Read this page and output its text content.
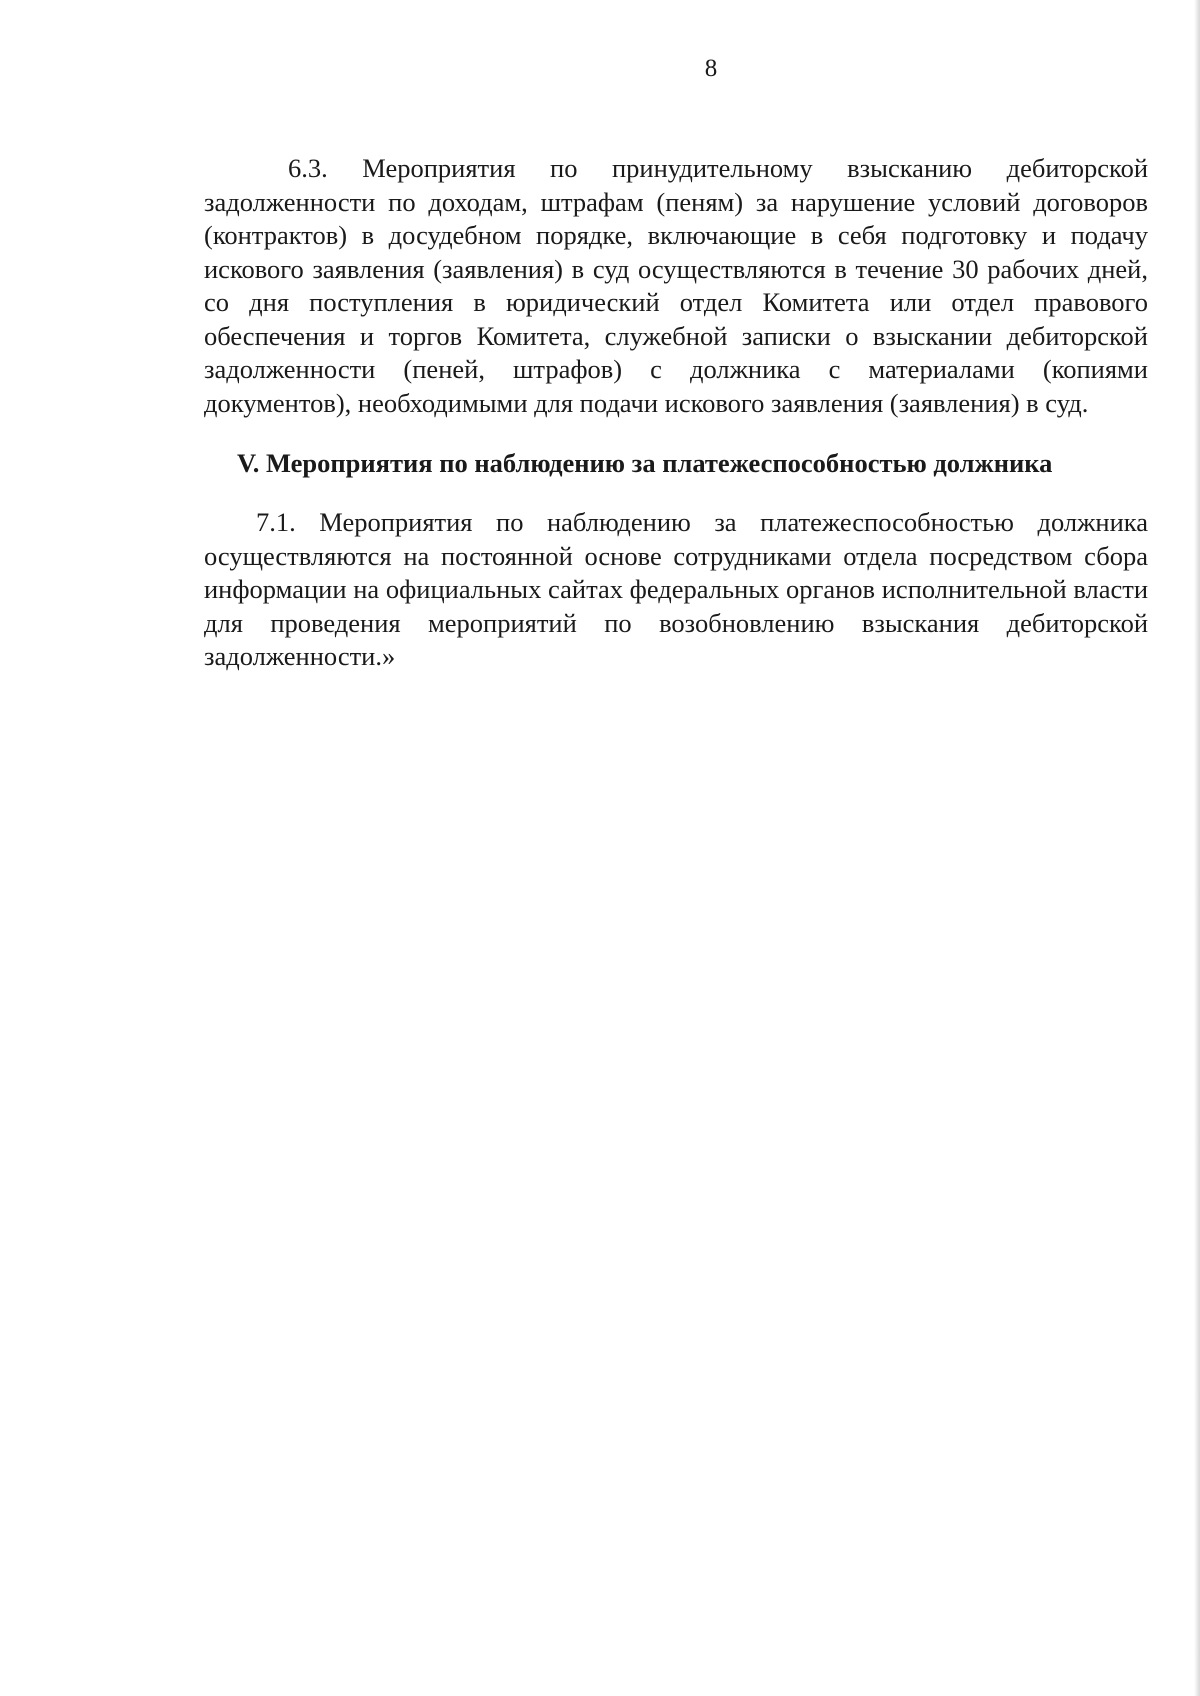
8

6.3. Мероприятия по принудительному взысканию дебиторской задолженности по доходам, штрафам (пеням) за нарушение условий договоров (контрактов) в досудебном порядке, включающие в себя подготовку и подачу искового заявления (заявления) в суд осуществляются в течение 30 рабочих дней, со дня поступления в юридический отдел Комитета или отдел правового обеспечения и торгов Комитета, служебной записки о взыскании дебиторской задолженности (пеней, штрафов) с должника с материалами (копиями документов), необходимыми для подачи искового заявления (заявления) в суд.

V. Мероприятия по наблюдению за платежеспособностью должника

7.1. Мероприятия по наблюдению за платежеспособностью должника осуществляются на постоянной основе сотрудниками отдела посредством сбора информации на официальных сайтах федеральных органов исполнительной власти для проведения мероприятий по возобновлению взыскания дебиторской задолженности.»
